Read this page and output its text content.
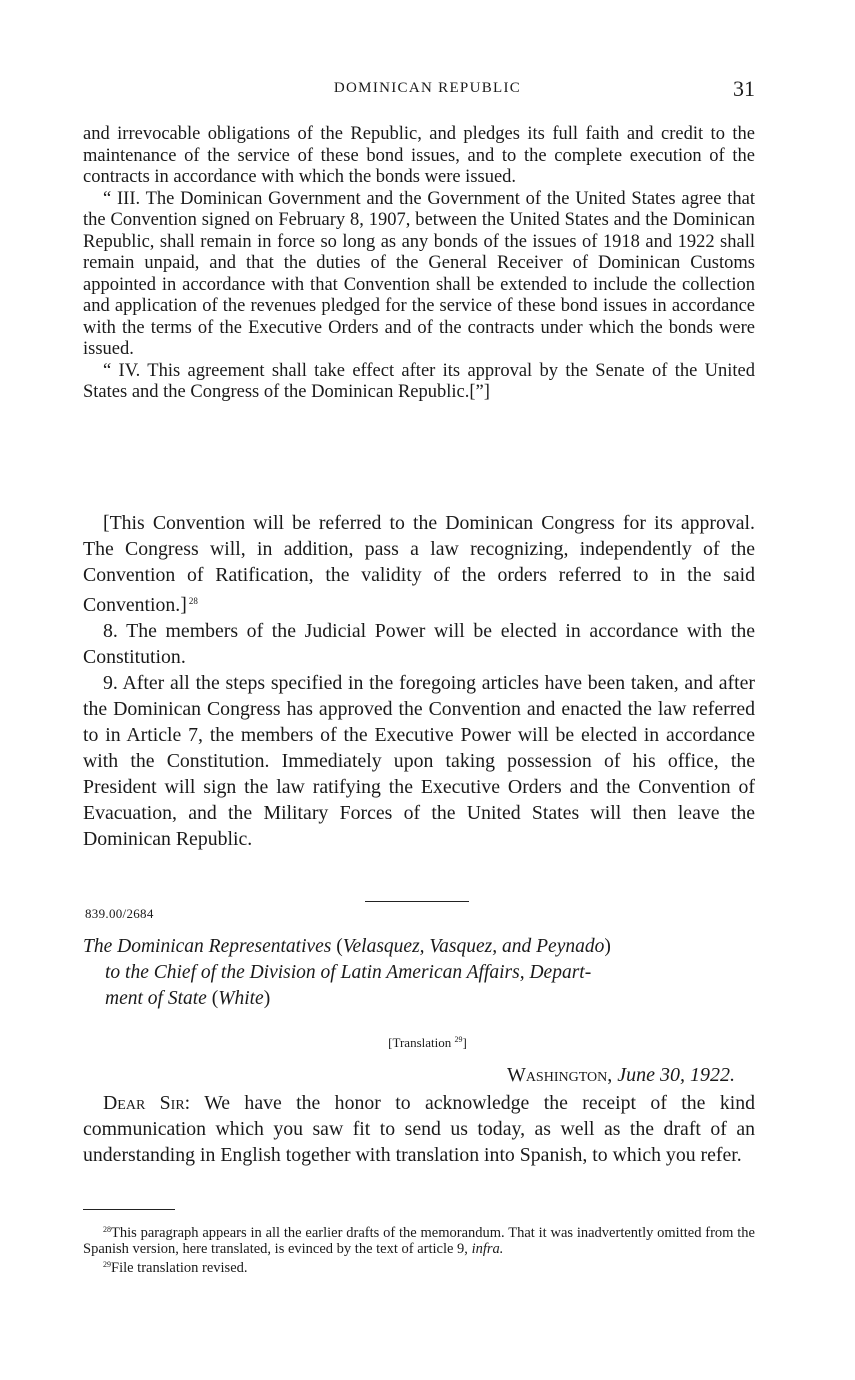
DOMINICAN REPUBLIC	31

and irrevocable obligations of the Republic, and pledges its full faith and credit to the maintenance of the service of these bond issues, and to the complete execution of the contracts in accordance with which the bonds were issued.

“ III. The Dominican Government and the Government of the United States agree that the Convention signed on February 8, 1907, between the United States and the Dominican Republic, shall remain in force so long as any bonds of the issues of 1918 and 1922 shall remain unpaid, and that the duties of the General Receiver of Dominican Customs appointed in accordance with that Convention shall be extended to include the collection and application of the revenues pledged for the service of these bond issues in accordance with the terms of the Executive Orders and of the contracts under which the bonds were issued.

“ IV. This agreement shall take effect after its approval by the Senate of the United States and the Congress of the Dominican Republic.[”]

[This Convention will be referred to the Dominican Congress for its approval. The Congress will, in addition, pass a law recognizing, independently of the Convention of Ratification, the validity of the orders referred to in the said Convention.] $^{28}$

8. The members of the Judicial Power will be elected in accordance with the Constitution.

9. After all the steps specified in the foregoing articles have been taken, and after the Dominican Congress has approved the Convention and enacted the law referred to in Article 7, the members of the Executive Power will be elected in accordance with the Constitution. Immediately upon taking possession of his office, the President will sign the law ratifying the Executive Orders and the Convention of Evacuation, and the Military Forces of the United States will then leave the Dominican Republic.

839.00/2684
The Dominican Representatives (Velasquez, Vasquez, and Peynado)
to the Chief of the Division of Latin American Affairs, Depart-
ment of State (White)
[Translation $^{29}$]
Washington, June 30, 1922.

Dear Sir: We have the honor to acknowledge the receipt of the kind communication which you saw fit to send us today, as well as the draft of an understanding in English together with translation into Spanish, to which you refer.

$^{28}$This paragraph appears in all the earlier drafts of the memorandum. That it was inadvertently omitted from the Spanish version, here translated, is evinced by the text of article 9, infra.

$^{29}$File translation revised.
